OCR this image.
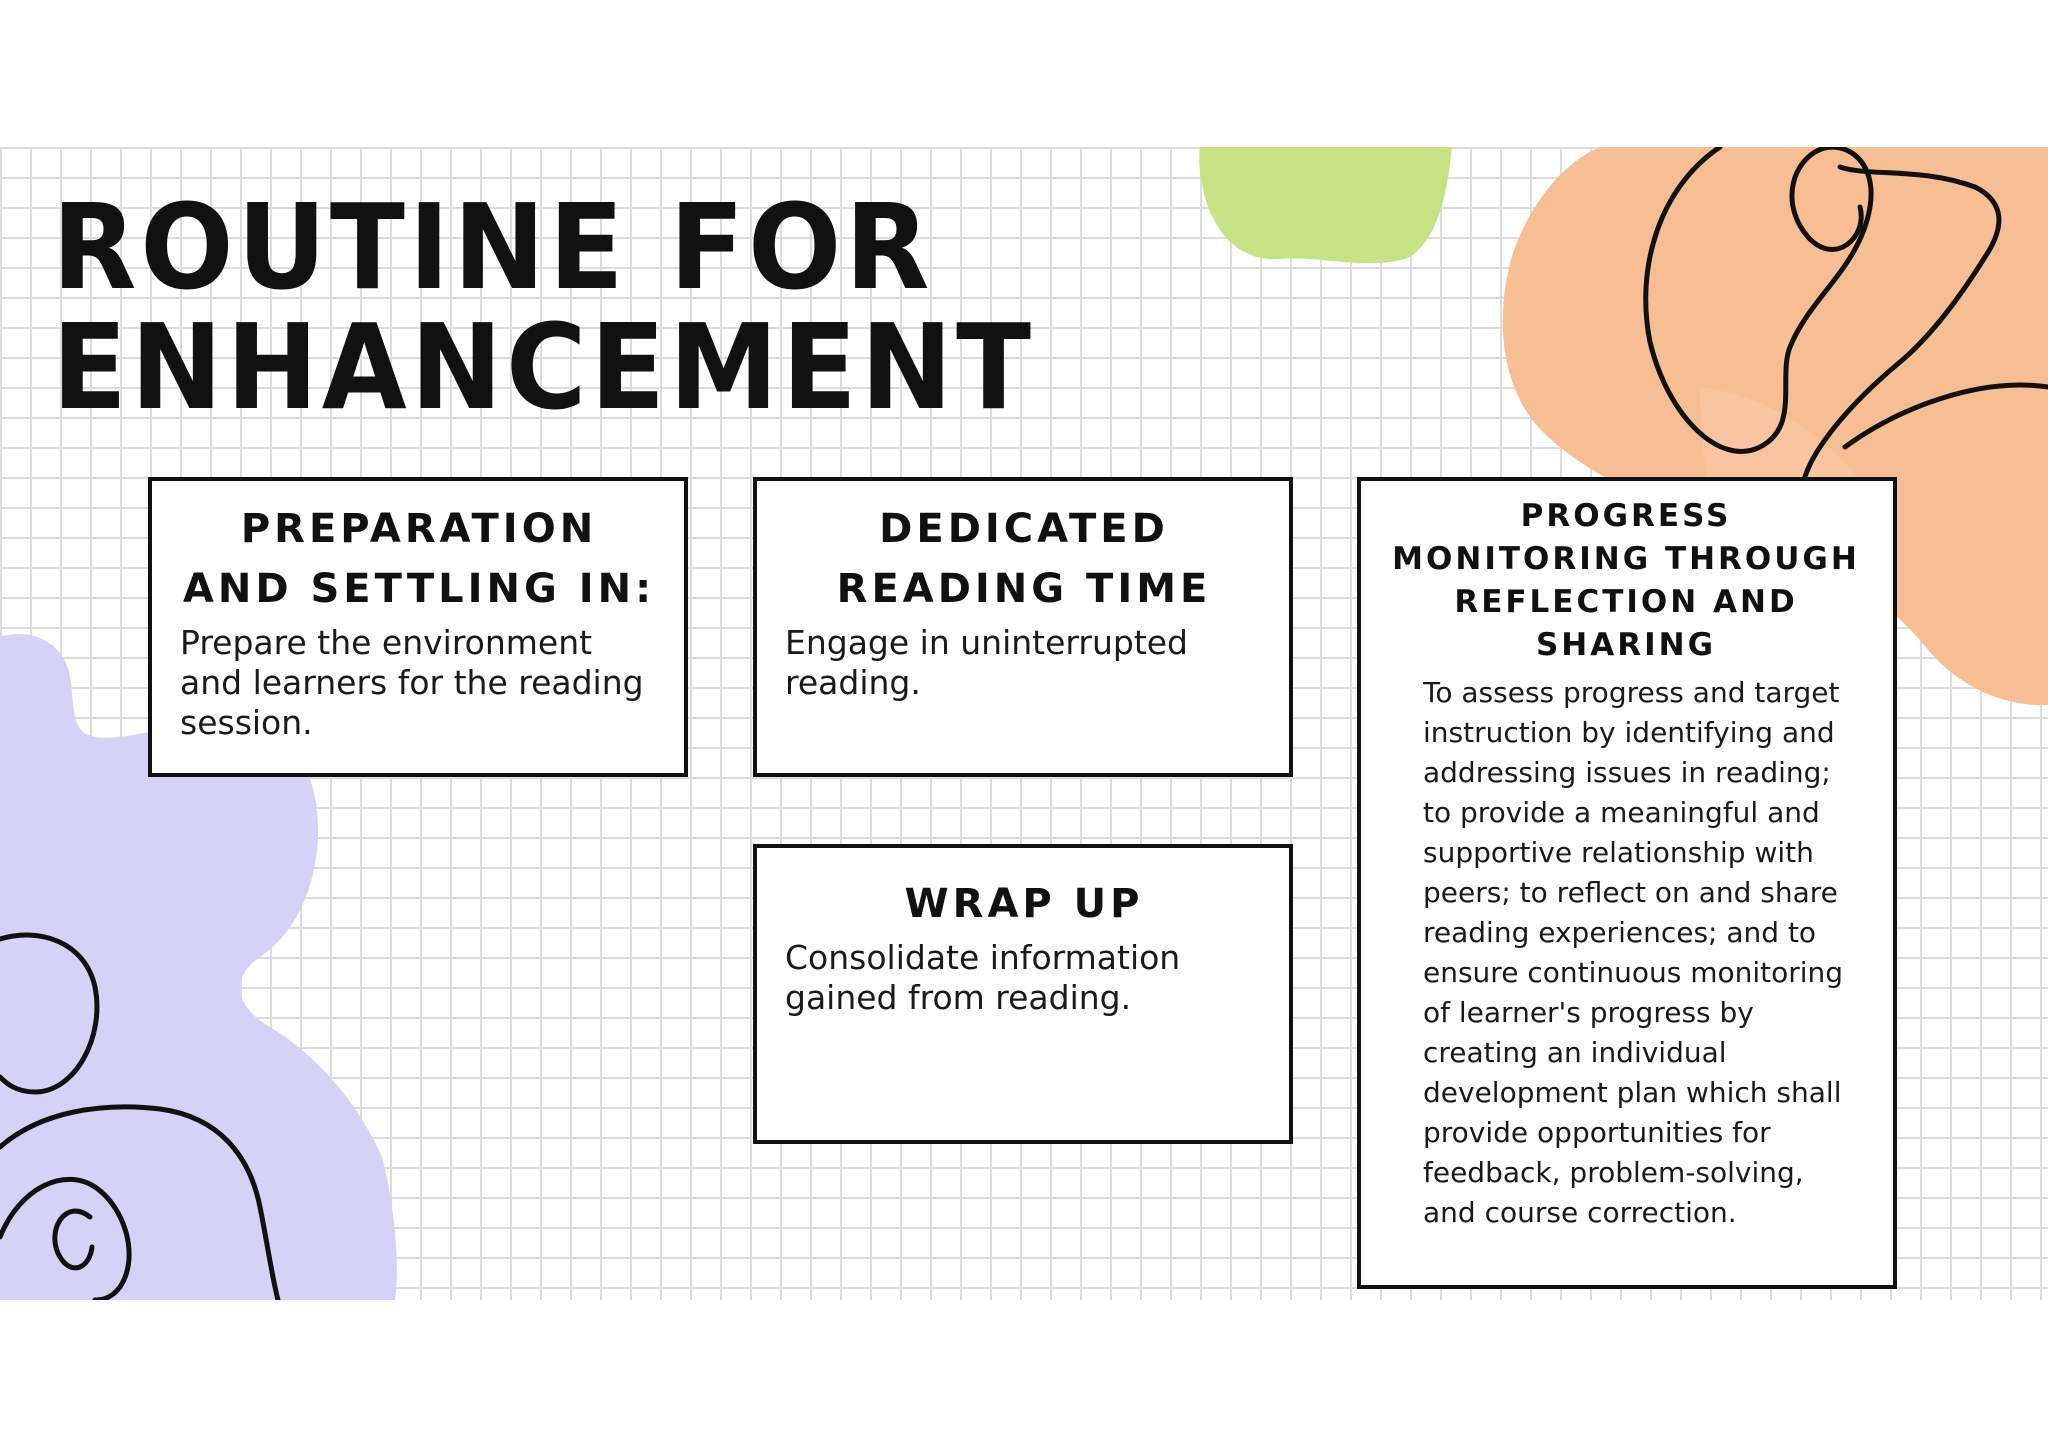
ROUTINE FOR
ENHANCEMENT
PREPARATION AND SETTLING IN:

Prepare the environment and learners for the reading session.

DEDICATED READING TIME

Engage in uninterrupted reading.

WRAP UP

Consolidate information gained from reading.

PROGRESS MONITORING THROUGH REFLECTION AND SHARING

To assess progress and target instruction by identifying and addressing issues in reading; to provide a meaningful and supportive relationship with peers; to reflect on and share reading experiences; and to ensure continuous monitoring of learner's progress by creating an individual development plan which shall provide opportunities for feedback, problem-solving, and course correction.
